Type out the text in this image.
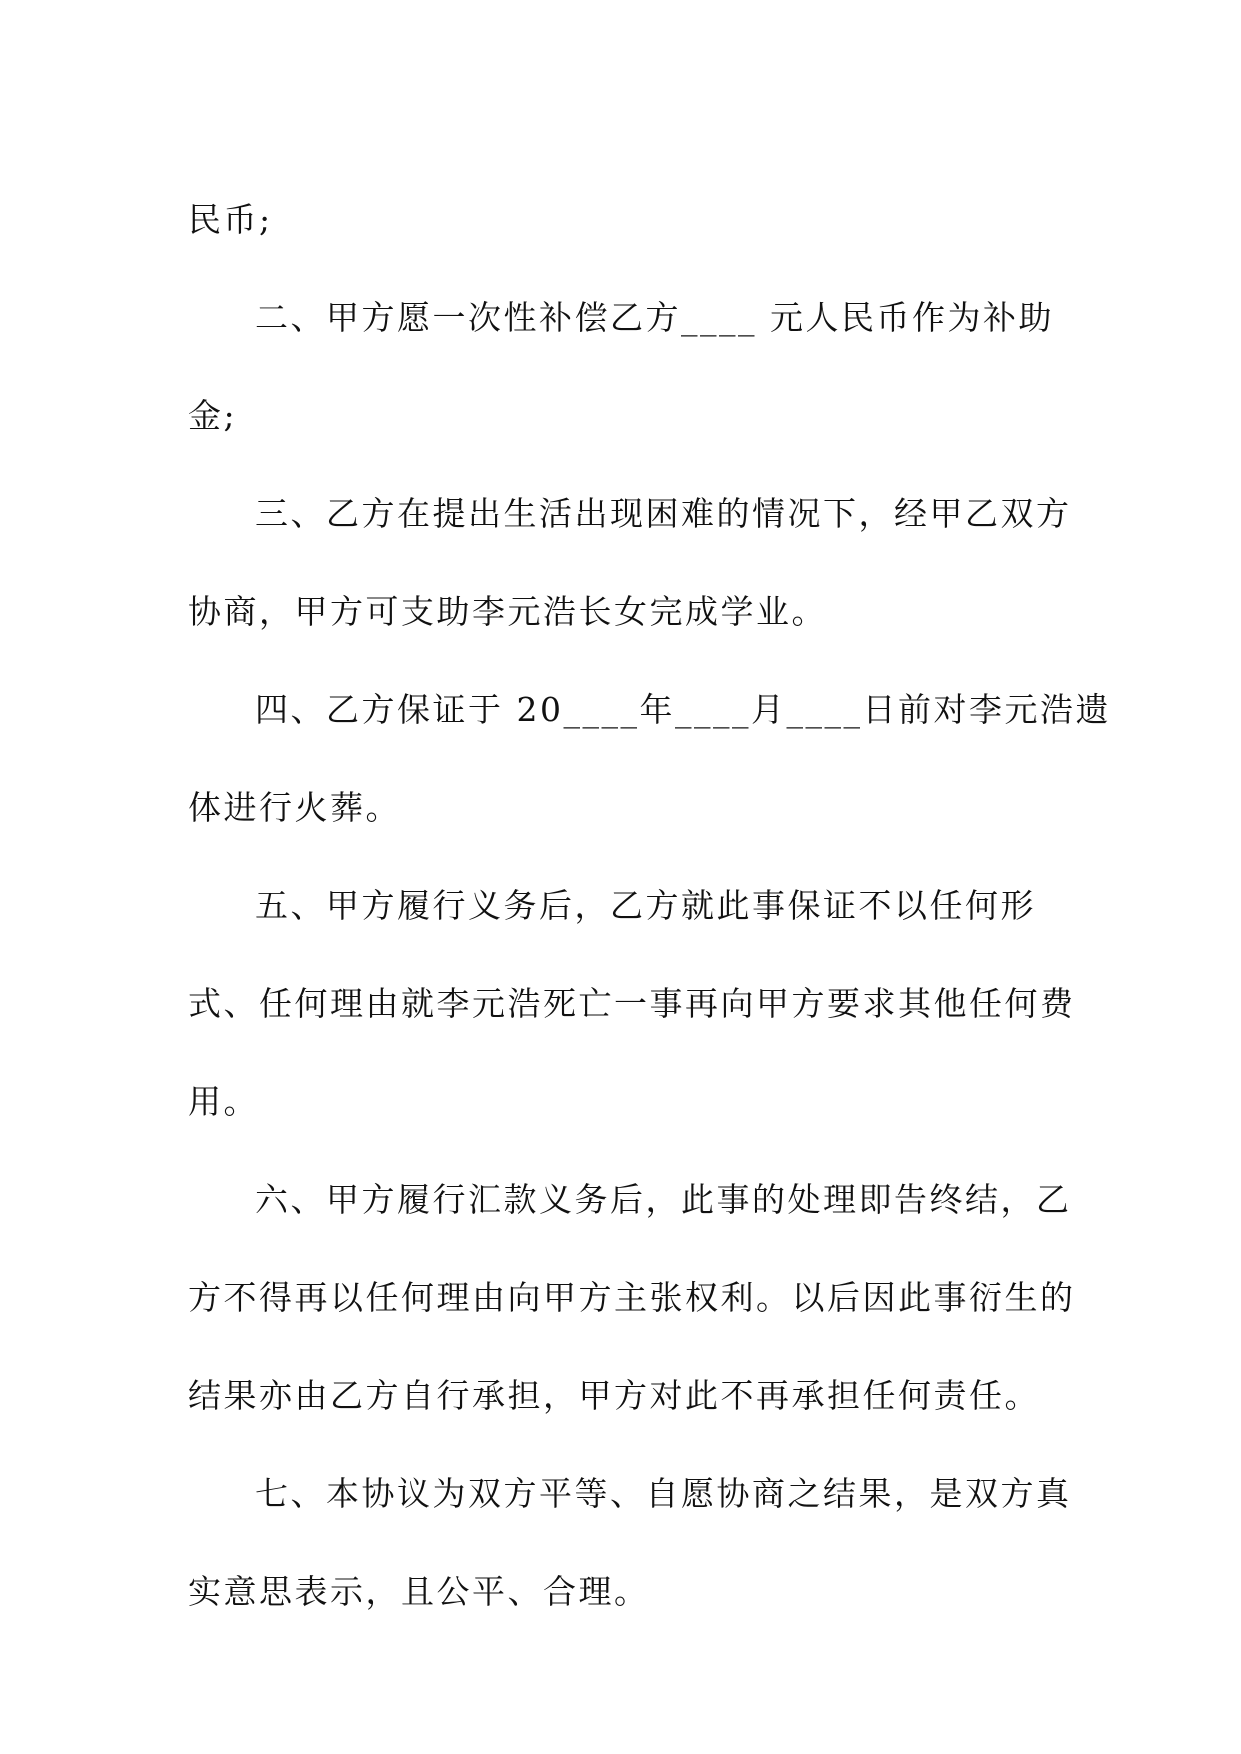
民币;
二、甲方愿一次性补偿乙方____ 元人民币作为补助
金;
三、乙方在提出生活出现困难的情况下，经甲乙双方
协商，甲方可支助李元浩长女完成学业。
四、乙方保证于 20____年____月____日前对李元浩遗
体进行火葬。
五、甲方履行义务后，乙方就此事保证不以任何形
式、任何理由就李元浩死亡一事再向甲方要求其他任何费
用。
六、甲方履行汇款义务后，此事的处理即告终结，乙
方不得再以任何理由向甲方主张权利。以后因此事衍生的
结果亦由乙方自行承担，甲方对此不再承担任何责任。
七、本协议为双方平等、自愿协商之结果，是双方真
实意思表示，且公平、合理。
